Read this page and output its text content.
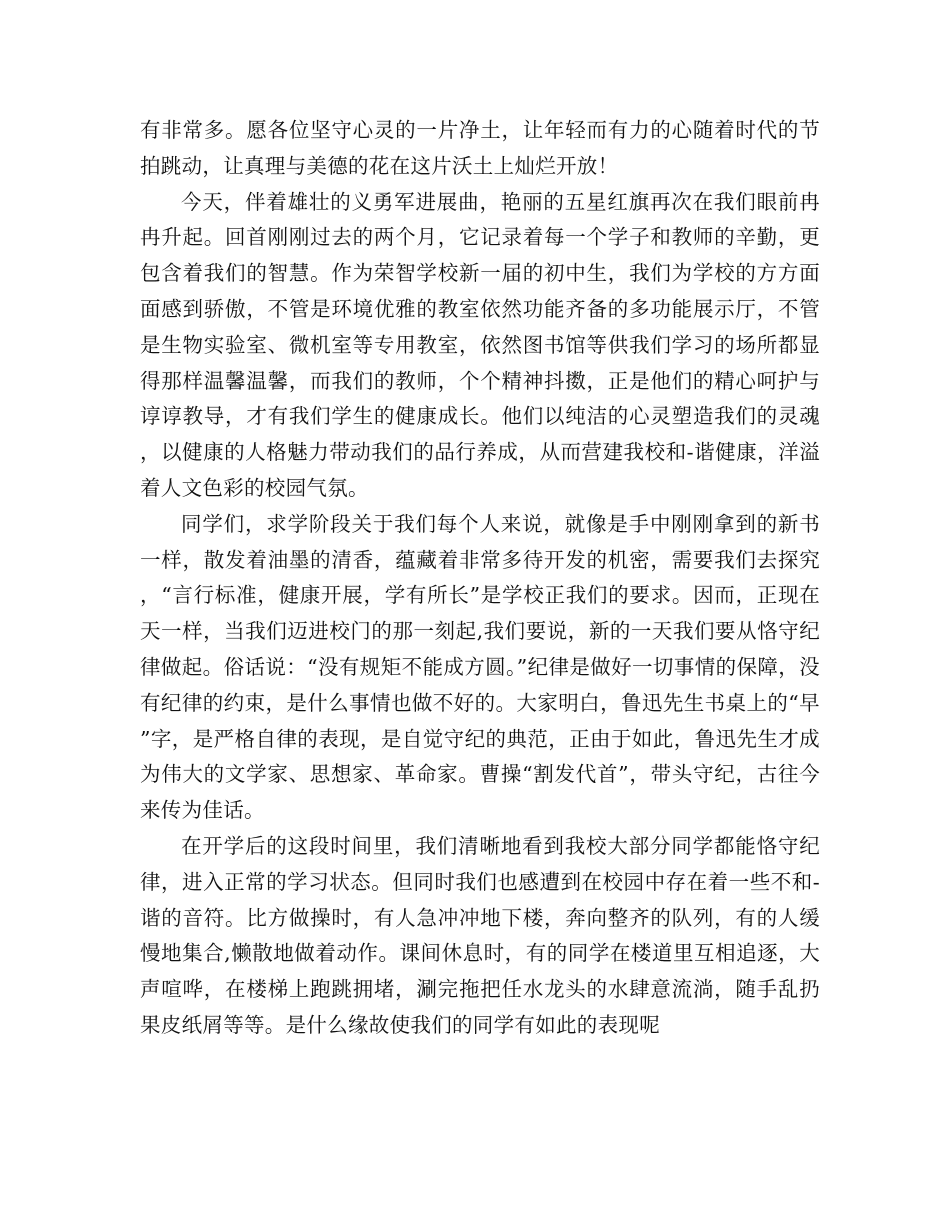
有非常多。愿各位坚守心灵的一片净土，让年轻而有力的心随着时代的节拍跳动，让真理与美德的花在这片沃土上灿烂开放！

今天，伴着雄壮的义勇军进展曲，艳丽的五星红旗再次在我们眼前冉冉升起。回首刚刚过去的两个月，它记录着每一个学子和教师的辛勤，更包含着我们的智慧。作为荣智学校新一届的初中生，我们为学校的方方面面感到骄傲，不管是环境优雅的教室依然功能齐备的多功能展示厅，不管是生物实验室、微机室等专用教室，依然图书馆等供我们学习的场所都显得那样温馨温馨，而我们的教师，个个精神抖擞，正是他们的精心呵护与谆谆教导，才有我们学生的健康成长。他们以纯洁的心灵塑造我们的灵魂，以健康的人格魅力带动我们的品行养成，从而营建我校和-谐健康，洋溢着人文色彩的校园气氛。

同学们，求学阶段关于我们每个人来说，就像是手中刚刚拿到的新书一样，散发着油墨的清香，蕴藏着非常多待开发的机密，需要我们去探究，“言行标准，健康开展，学有所长”是学校正我们的要求。因而，正现在天一样，当我们迈进校门的那一刻起,我们要说，新的一天我们要从恪守纪律做起。俗话说：“没有规矩不能成方圆。”纪律是做好一切事情的保障，没有纪律的约束，是什么事情也做不好的。大家明白，鲁迅先生书桌上的“早”字，是严格自律的表现，是自觉守纪的典范，正由于如此，鲁迅先生才成为伟大的文学家、思想家、革命家。曹操“割发代首”，带头守纪，古往今来传为佳话。

在开学后的这段时间里，我们清晰地看到我校大部分同学都能恪守纪律，进入正常的学习状态。但同时我们也感遭到在校园中存在着一些不和-谐的音符。比方做操时，有人急冲冲地下楼，奔向整齐的队列，有的人缓慢地集合,懒散地做着动作。课间休息时，有的同学在楼道里互相追逐，大声喧哗，在楼梯上跑跳拥堵，涮完拖把任水龙头的水肆意流淌，随手乱扔果皮纸屑等等。是什么缘故使我们的同学有如此的表现呢
